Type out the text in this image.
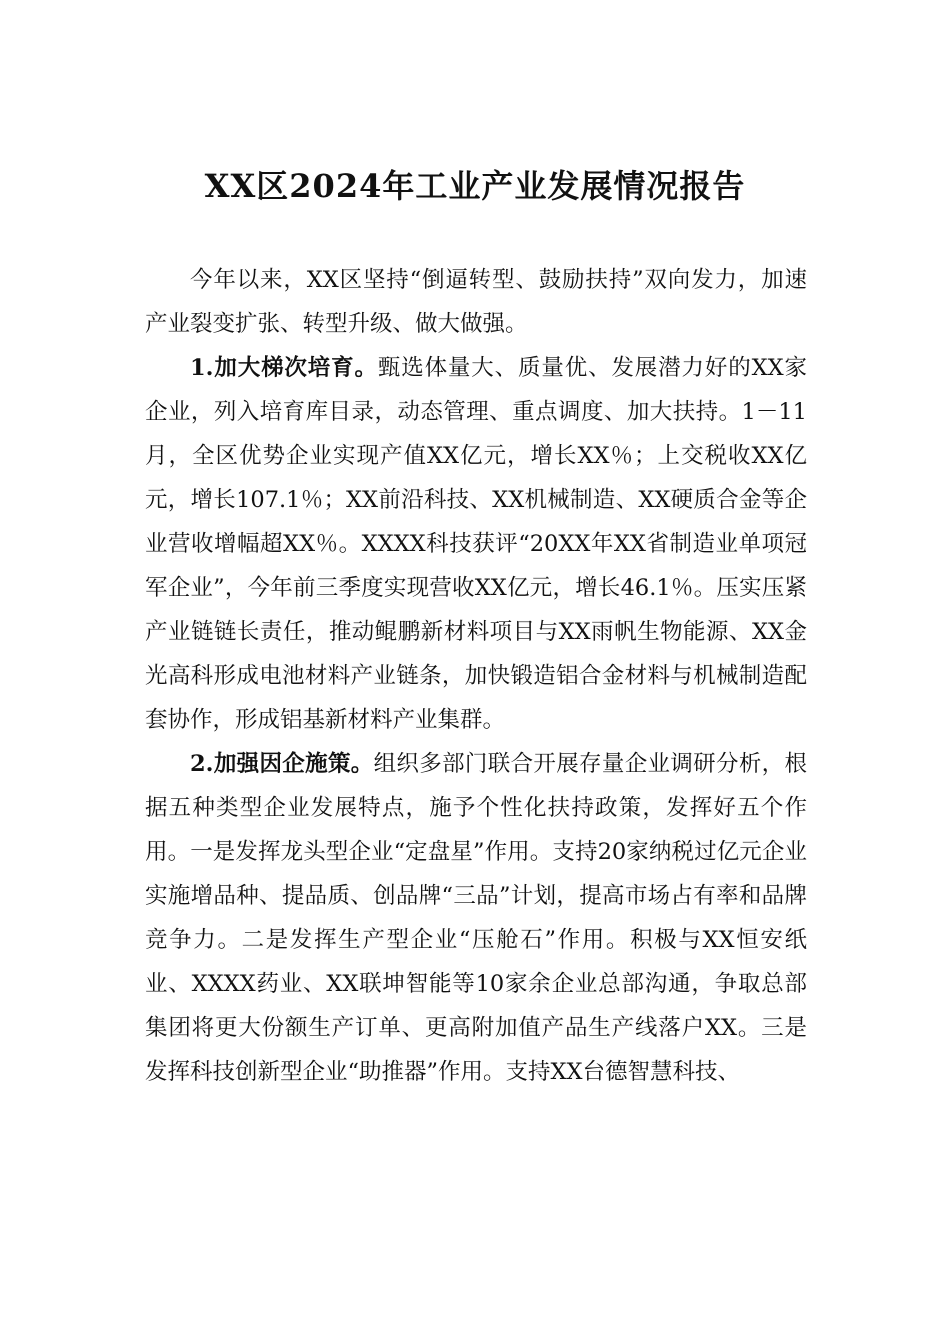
XX区2024年工业产业发展情况报告

今年以来，XX区坚持“倒逼转型、鼓励扶持”双向发力，加速产业裂变扩张、转型升级、做大做强。

1.加大梯次培育。甄选体量大、质量优、发展潜力好的XX家企业，列入培育库目录，动态管理、重点调度、加大扶持。1－11月，全区优势企业实现产值XX亿元，增长XX％；上交税收XX亿元，增长107.1％；XX前沿科技、XX机械制造、XX硬质合金等企业营收增幅超XX％。XXXX科技获评“20XX年XX省制造业单项冠军企业”，今年前三季度实现营收XX亿元，增长46.1％。压实压紧产业链链长责任，推动鲲鹏新材料项目与XX雨帆生物能源、XX金光高科形成电池材料产业链条，加快锻造铝合金材料与机械制造配套协作，形成铝基新材料产业集群。

2.加强因企施策。组织多部门联合开展存量企业调研分析，根据五种类型企业发展特点，施予个性化扶持政策，发挥好五个作用。一是发挥龙头型企业“定盘星”作用。支持20家纳税过亿元企业实施增品种、提品质、创品牌“三品”计划，提高市场占有率和品牌竞争力。二是发挥生产型企业“压舱石”作用。积极与XX恒安纸业、XXXX药业、XX联坤智能等10家余企业总部沟通，争取总部集团将更大份额生产订单、更高附加值产品生产线落户XX。三是发挥科技创新型企业“助推器”作用。支持XX台德智慧科技、
